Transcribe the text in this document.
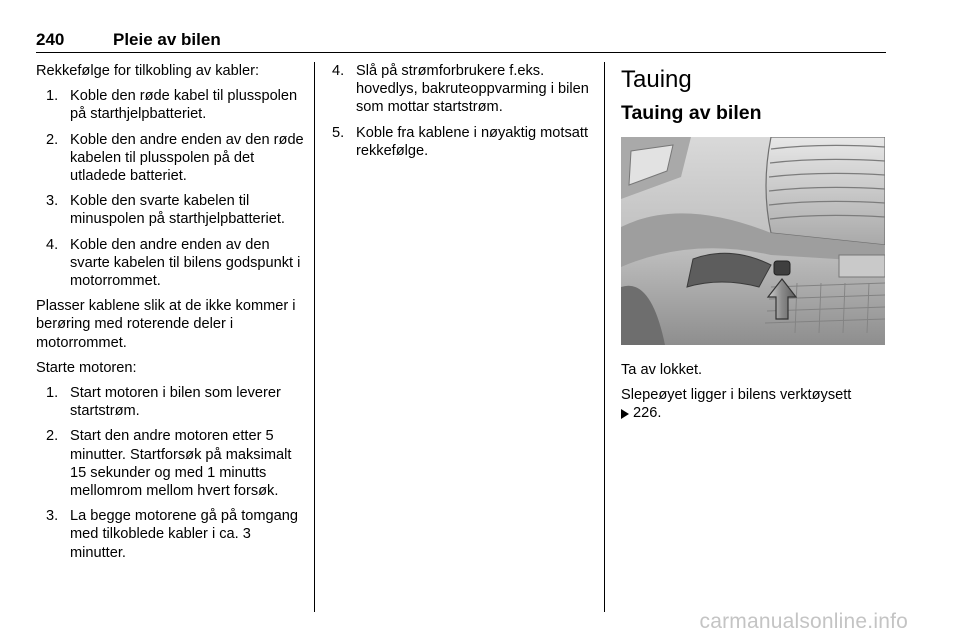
240	Pleie av bilen

Rekkefølge for tilkobling av kabler:

1. Koble den røde kabel til plusspolen på starthjelpbatteriet.
2. Koble den andre enden av den røde kabelen til plusspolen på det utladede batteriet.
3. Koble den svarte kabelen til minuspolen på starthjelpbatteriet.
4. Koble den andre enden av den svarte kabelen til bilens godspunkt i motorrommet.

Plasser kablene slik at de ikke kommer i berøring med roterende deler i motorrommet.

Starte motoren:

1. Start motoren i bilen som leverer startstrøm.
2. Start den andre motoren etter 5 minutter. Startforsøk på maksimalt 15 sekunder og med 1 minutts mellomrom mellom hvert forsøk.
3. La begge motorene gå på tomgang med tilkoblede kabler i ca. 3 minutter.
4. Slå på strømforbrukere f.eks. hovedlys, bakruteoppvarming i bilen som mottar startstrøm.
5. Koble fra kablene i nøyaktig motsatt rekkefølge.
Tauing
Tauing av bilen

Ta av lokket.

Slepeøyet ligger i bilens verktøysett
226.

carmanualsonline.info
